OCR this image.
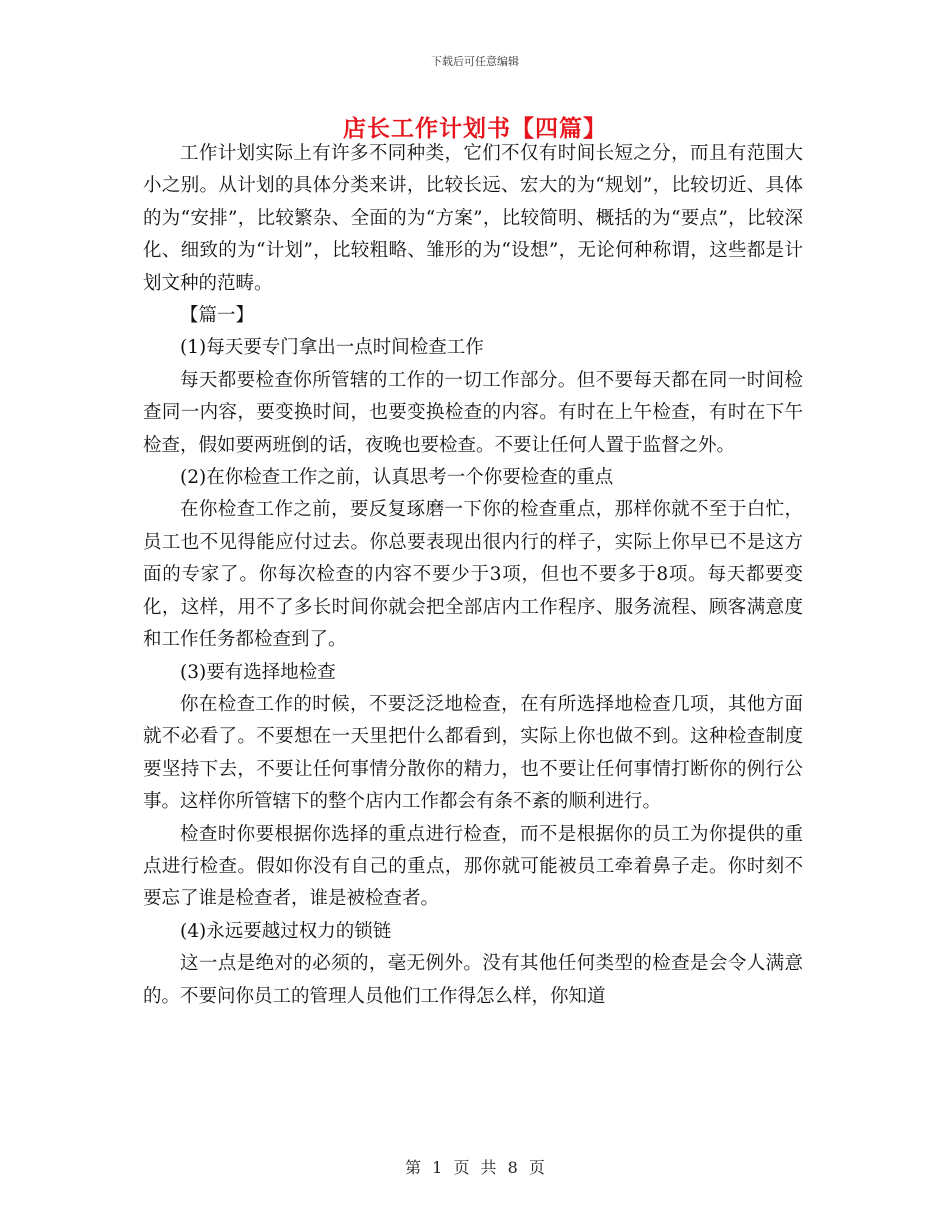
下载后可任意编辑
店长工作计划书【四篇】

工作计划实际上有许多不同种类，它们不仅有时间长短之分，而且有范围大小之别。从计划的具体分类来讲，比较长远、宏大的为“规划”，比较切近、具体的为“安排”，比较繁杂、全面的为“方案”，比较简明、概括的为“要点”，比较深化、细致的为“计划”，比较粗略、雏形的为“设想”，无论何种称谓，这些都是计划文种的范畴。

【篇一】

(1)每天要专门拿出一点时间检查工作

每天都要检查你所管辖的工作的一切工作部分。但不要每天都在同一时间检查同一内容，要变换时间，也要变换检查的内容。有时在上午检查，有时在下午检查，假如要两班倒的话，夜晚也要检查。不要让任何人置于监督之外。

(2)在你检查工作之前，认真思考一个你要检查的重点

在你检查工作之前，要反复琢磨一下你的检查重点，那样你就不至于白忙，员工也不见得能应付过去。你总要表现出很内行的样子，实际上你早已不是这方面的专家了。你每次检查的内容不要少于3项，但也不要多于8项。每天都要变化，这样，用不了多长时间你就会把全部店内工作程序、服务流程、顾客满意度和工作任务都检查到了。

(3)要有选择地检查

你在检查工作的时候，不要泛泛地检查，在有所选择地检查几项，其他方面就不必看了。不要想在一天里把什么都看到，实际上你也做不到。这种检查制度要坚持下去，不要让任何事情分散你的精力，也不要让任何事情打断你的例行公事。这样你所管辖下的整个店内工作都会有条不紊的顺利进行。

检查时你要根据你选择的重点进行检查，而不是根据你的员工为你提供的重点进行检查。假如你没有自己的重点，那你就可能被员工牵着鼻子走。你时刻不要忘了谁是检查者，谁是被检查者。

(4)永远要越过权力的锁链

这一点是绝对的必须的，毫无例外。没有其他任何类型的检查是会令人满意的。不要问你员工的管理人员他们工作得怎么样，你知道

第 1 页 共 8 页
